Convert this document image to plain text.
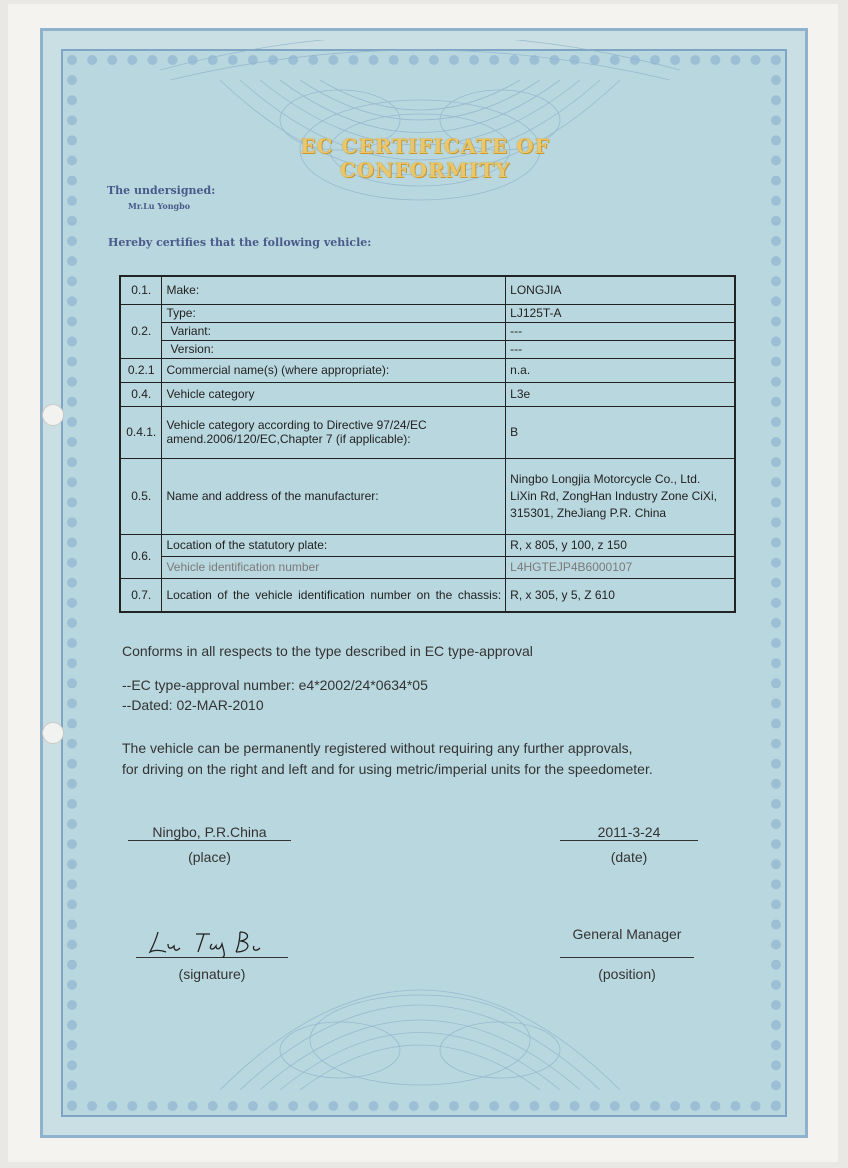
EC CERTIFICATE OF CONFORMITY
The undersigned:
Mr.Lu Yongbo
Hereby certifies that the following vehicle:
0.1.	Make:	LONGJIA
0.2.	Type:	LJ125T-A
	Variant:	---
	Version:	---
0.2.1	Commercial name(s) (where appropriate):	n.a.
0.4.	Vehicle category	L3e
0.4.1.	Vehicle category according to Directive 97/24/EC amend.2006/120/EC,Chapter 7 (if applicable):	B
0.5.	Name and address of the manufacturer:	Ningbo Longjia Motorcycle Co., Ltd. LiXin Rd, ZongHan Industry Zone CiXi, 315301, ZheJiang P.R. China
0.6.	Location of the statutory plate:	R, x 805, y 100, z 150
	Vehicle identification number	L4HGTEJP4B6000107
0.7.	Location of the vehicle identification number on the chassis:	R, x 305, y 5, Z 610
Conforms in all respects to the type described in EC type-approval
--EC type-approval number: e4*2002/24*0634*05
--Dated: 02-MAR-2010
The vehicle can be permanently registered without requiring any further approvals,
for driving on the right and left and for using metric/imperial units for the speedometer.
Ningbo, P.R.China
(place)
2011-3-24
(date)
(signature)
General Manager
(position)
